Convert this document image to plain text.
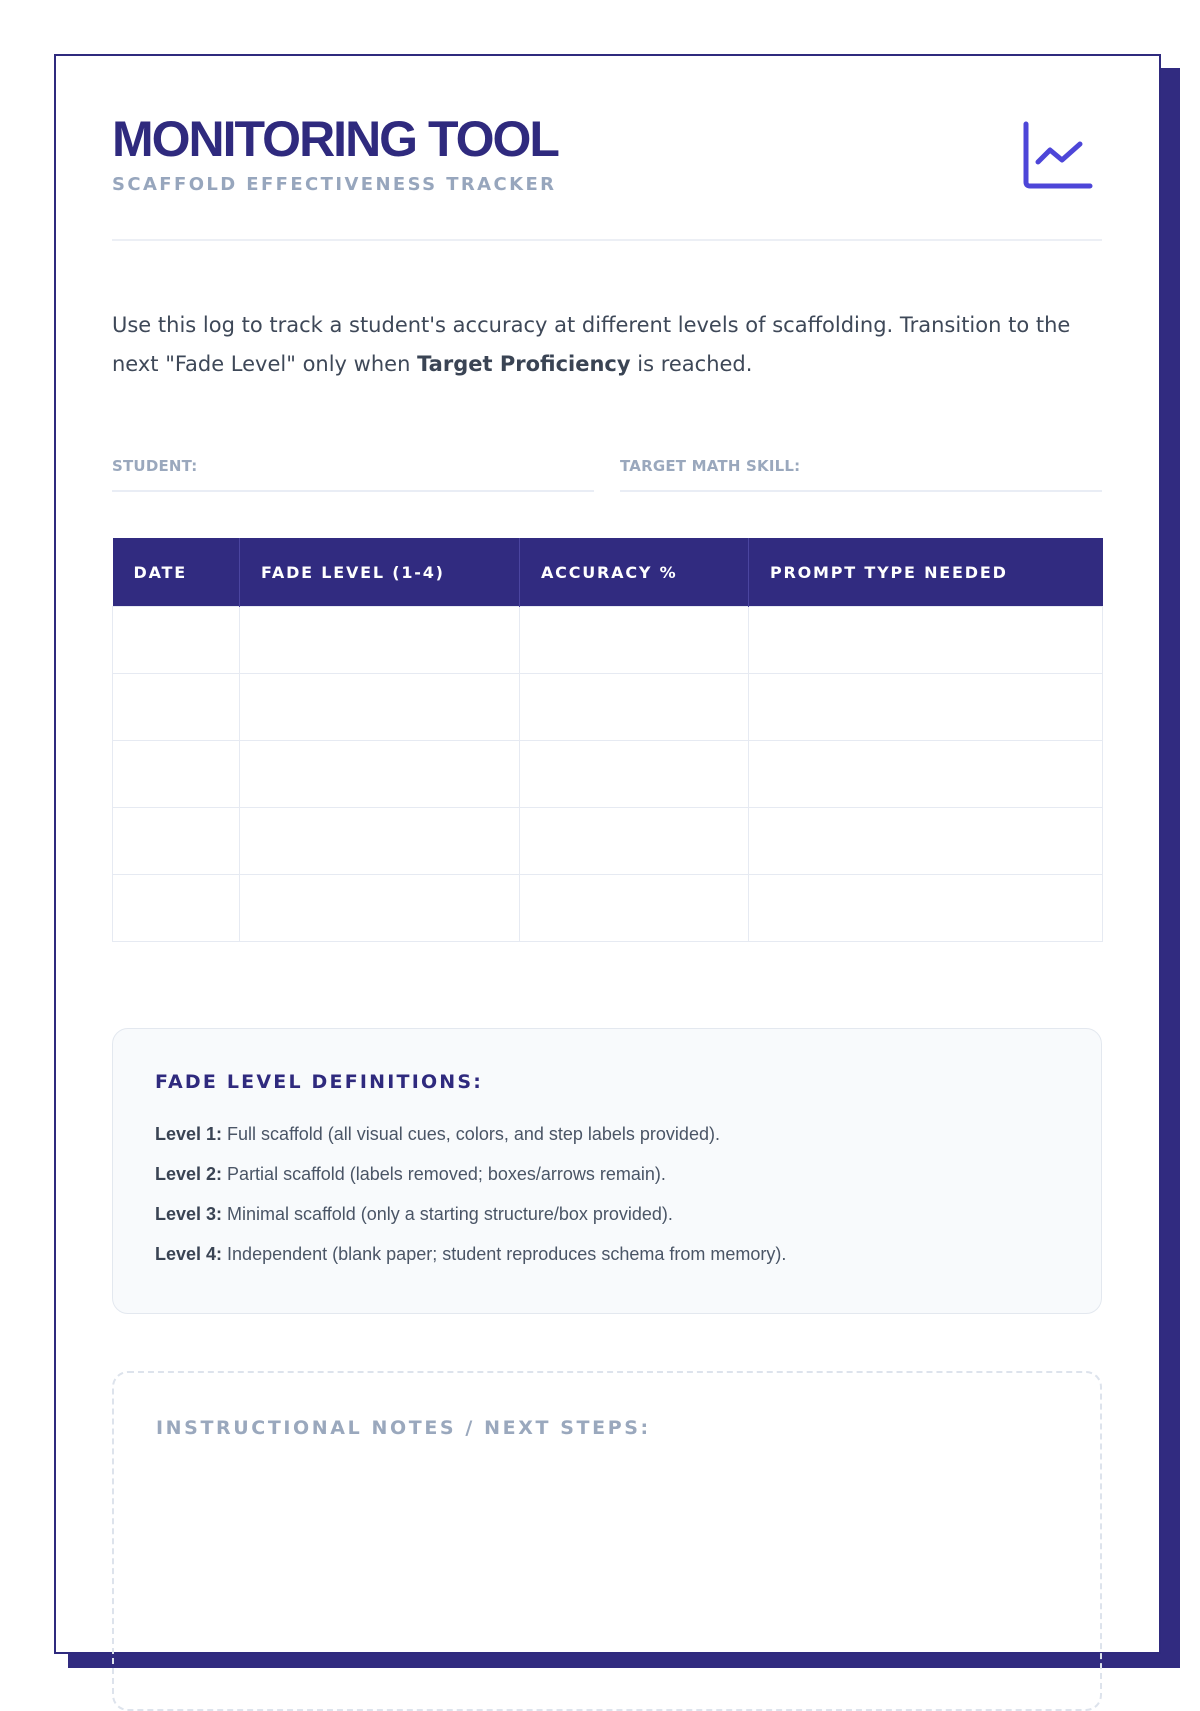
MONITORING TOOL
SCAFFOLD EFFECTIVENESS TRACKER

Use this log to track a student's accuracy at different levels of scaffolding. Transition to the next "Fade Level" only when Target Proficiency is reached.

STUDENT:	TARGET MATH SKILL:
DATE	FADE LEVEL (1-4)	ACCURACY %	PROMPT TYPE NEEDED

FADE LEVEL DEFINITIONS:
Level 1: Full scaffold (all visual cues, colors, and step labels provided).
Level 2: Partial scaffold (labels removed; boxes/arrows remain).
Level 3: Minimal scaffold (only a starting structure/box provided).
Level 4: Independent (blank paper; student reproduces schema from memory).
INSTRUCTIONAL NOTES / NEXT STEPS:
